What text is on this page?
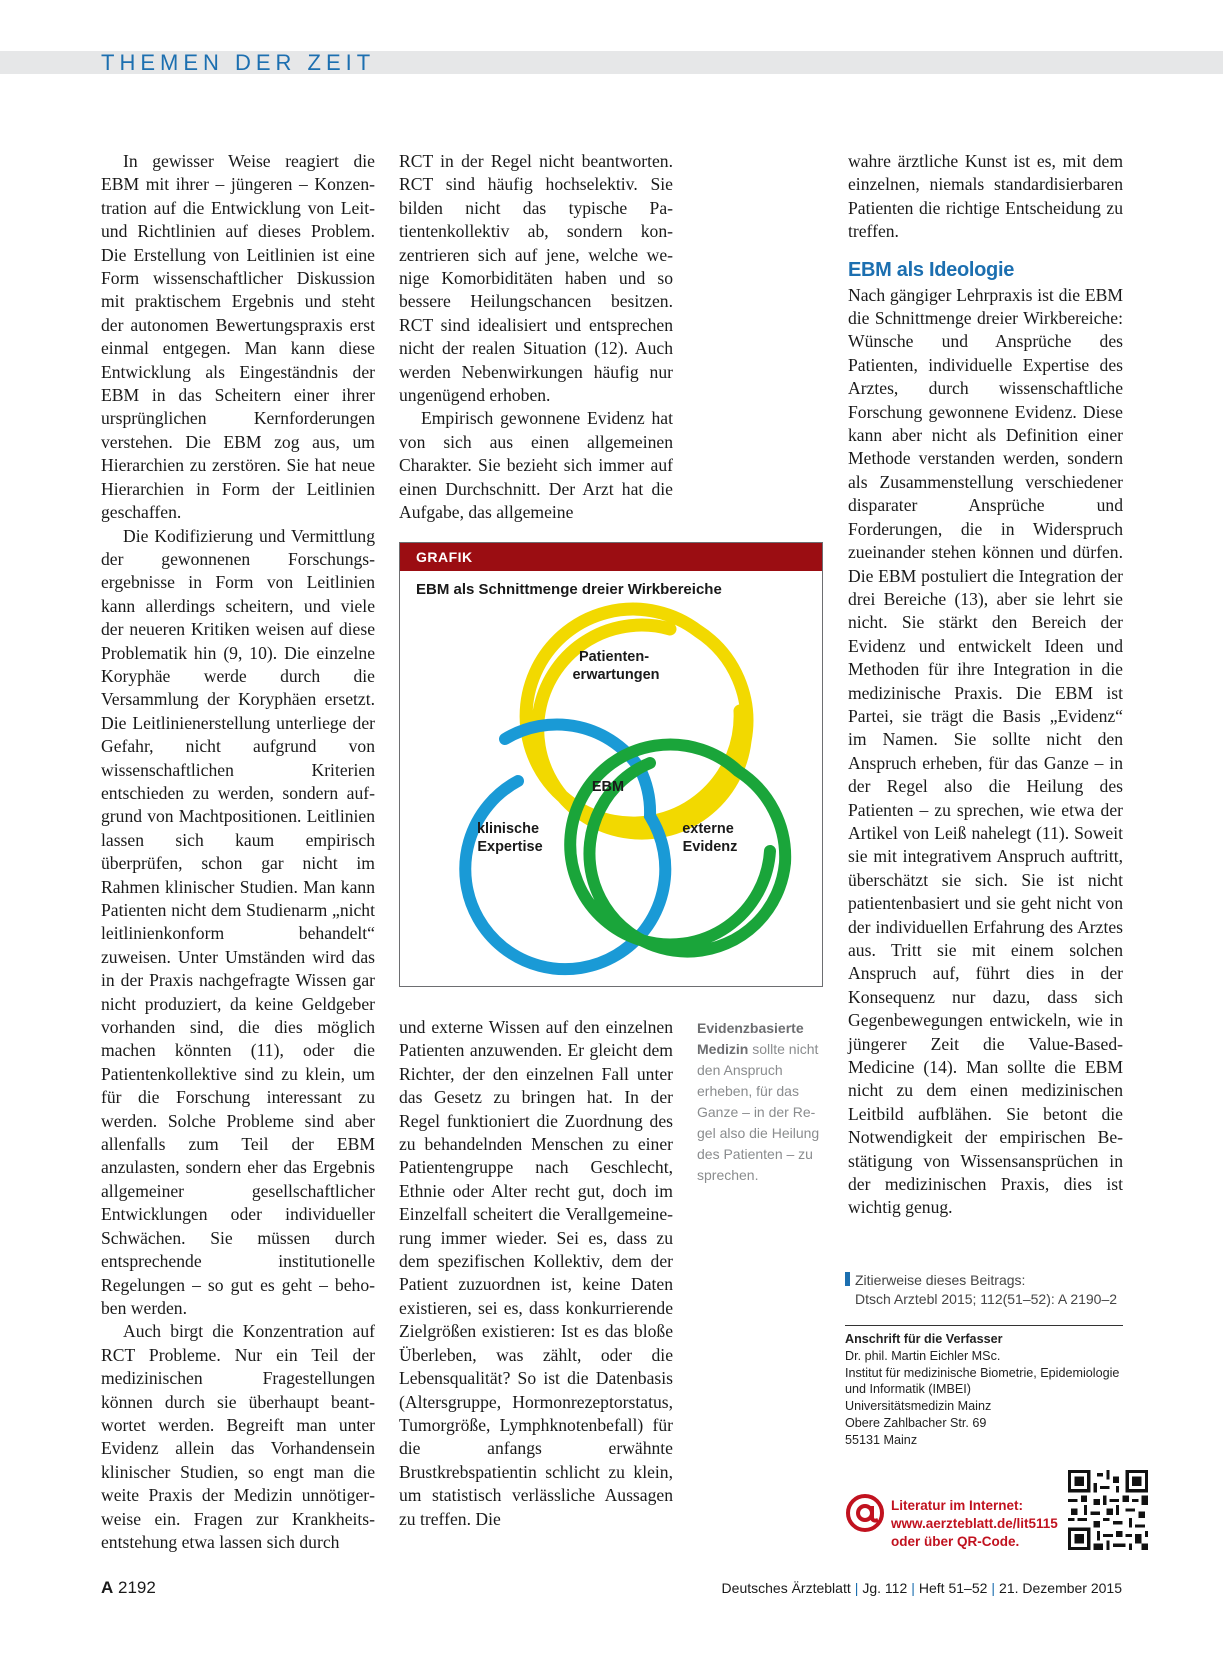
THEMEN DER ZEIT

In gewisser Weise reagiert die EBM mit ihrer – jüngeren – Konzentration auf die Entwicklung von Leit- und Richtlinien auf dieses Problem. Die Erstellung von Leitlinien ist eine Form wissenschaftlicher Diskussion mit praktischem Ergebnis und steht der autonomen Bewertungspraxis erst einmal entgegen. Man kann diese Entwicklung als Eingeständnis der EBM in das Scheitern einer ihrer ursprünglichen Kernforderungen verstehen. Die EBM zog aus, um Hierarchien zu zerstören. Sie hat neue Hierarchien in Form der Leitlinien geschaffen.

Die Kodifizierung und Vermittlung der gewonnenen Forschungsergebnisse in Form von Leitlinien kann allerdings scheitern, und viele der neueren Kritiken weisen auf diese Problematik hin (9, 10). Die einzelne Koryphäe werde durch die Versammlung der Koryphäen ersetzt. Die Leitlinienerstellung unterliege der Gefahr, nicht aufgrund von wissenschaftlichen Kriterien entschieden zu werden, sondern aufgrund von Machtpositionen. Leitlinien lassen sich kaum empirisch überprüfen, schon gar nicht im Rahmen klinischer Studien. Man kann Patienten nicht dem Studienarm „nicht leitlinienkonform behandelt“ zuweisen. Unter Umständen wird das in der Praxis nachgefragte Wissen gar nicht produziert, da keine Geldgeber vorhanden sind, die dies möglich machen könnten (11), oder die Patientenkollektive sind zu klein, um für die Forschung interessant zu werden. Solche Probleme sind aber allenfalls zum Teil der EBM anzulasten, sondern eher das Ergebnis allgemeiner gesellschaftlicher Entwicklungen oder individueller Schwächen. Sie müssen durch entsprechende institutionelle Regelungen – so gut es geht – behoben werden.

Auch birgt die Konzentration auf RCT Probleme. Nur ein Teil der medizinischen Fragestellungen können durch sie überhaupt beantwortet werden. Begreift man unter Evidenz allein das Vorhandensein klinischer Studien, so engt man die weite Praxis der Medizin unnötigerweise ein. Fragen zur Krankheitsentstehung etwa lassen sich durch

RCT in der Regel nicht beantworten. RCT sind häufig hochselektiv. Sie bilden nicht das typische Patientenkollektiv ab, sondern konzentrieren sich auf jene, welche wenige Komorbiditäten haben und so bessere Heilungschancen besitzen. RCT sind idealisiert und entsprechen nicht der realen Situation (12). Auch werden Nebenwirkungen häufig nur ungenügend erhoben.

Empirisch gewonnene Evidenz hat von sich aus einen allgemeinen Charakter. Sie bezieht sich immer auf einen Durchschnitt. Der Arzt hat die Aufgabe, das allgemeine

GRAFIK
EBM als Schnittmenge dreier Wirkbereiche
Patienten- erwartungen
EBM
klinische Expertise
externe Evidenz

und externe Wissen auf den einzelnen Patienten anzuwenden. Er gleicht dem Richter, der den einzelnen Fall unter das Gesetz zu bringen hat. In der Regel funktioniert die Zuordnung des zu behandelnden Menschen zu einer Patientengruppe nach Geschlecht, Ethnie oder Alter recht gut, doch im Einzelfall scheitert die Verallgemeinerung immer wieder. Sei es, dass zu dem spezifischen Kollektiv, dem der Patient zuzuordnen ist, keine Daten existieren, sei es, dass konkurrierende Zielgrößen existieren: Ist es das bloße Überleben, was zählt, oder die Lebensqualität? So ist die Datenbasis (Altersgruppe, Hormonrezeptorstatus, Tumorgröße, Lymphknotenbefall) für die anfangs erwähnte Brustkrebspatientin schlicht zu klein, um statistisch verlässliche Aussagen zu treffen. Die

Evidenzbasierte Medizin sollte nicht den Anspruch erheben, für das Ganze – in der Regel also die Heilung des Patienten – zu sprechen.

wahre ärztliche Kunst ist es, mit dem einzelnen, niemals standardisierbaren Patienten die richtige Entscheidung zu treffen.

EBM als Ideologie

Nach gängiger Lehrpraxis ist die EBM die Schnittmenge dreier Wirkbereiche: Wünsche und Ansprüche des Patienten, individuelle Expertise des Arztes, durch wissenschaftliche Forschung gewonnene Evidenz. Diese kann aber nicht als Definition einer Methode verstanden werden, sondern als Zusammenstellung verschiedener disparater Ansprüche und Forderungen, die in Widerspruch zueinander stehen können und dürfen. Die EBM postuliert die Integration der drei Bereiche (13), aber sie lehrt sie nicht. Sie stärkt den Bereich der Evidenz und entwickelt Ideen und Methoden für ihre Integration in die medizinische Praxis. Die EBM ist Partei, sie trägt die Basis „Evidenz“ im Namen. Sie sollte nicht den Anspruch erheben, für das Ganze – in der Regel also die Heilung des Patienten – zu sprechen, wie etwa der Artikel von Leiß nahelegt (11). Soweit sie mit integrativem Anspruch auftritt, überschätzt sie sich. Sie ist nicht patientenbasiert und sie geht nicht von der individuellen Erfahrung des Arztes aus. Tritt sie mit einem solchen Anspruch auf, führt dies in der Konsequenz nur dazu, dass sich Gegenbewegungen entwickeln, wie in jüngerer Zeit die Value-Based-Medicine (14). Man sollte die EBM nicht zu dem einen medizinischen Leitbild aufblähen. Sie betont die Notwendigkeit der empirischen Bestätigung von Wissensansprüchen in der medizinischen Praxis, dies ist wichtig genug.

Zitierweise dieses Beitrags:
Dtsch Arztebl 2015; 112(51–52): A 2190–2
Anschrift für die Verfasser
Dr. phil. Martin Eichler MSc.
Institut für medizinische Biometrie, Epidemiologie
und Informatik (IMBEI)
Universitätsmedizin Mainz
Obere Zahlbacher Str. 69
55131 Mainz
Literatur im Internet:
www.aerzteblatt.de/lit5115
oder über QR-Code.
A 2192	Deutsches Ärzteblatt | Jg. 112 | Heft 51–52 | 21. Dezember 2015
